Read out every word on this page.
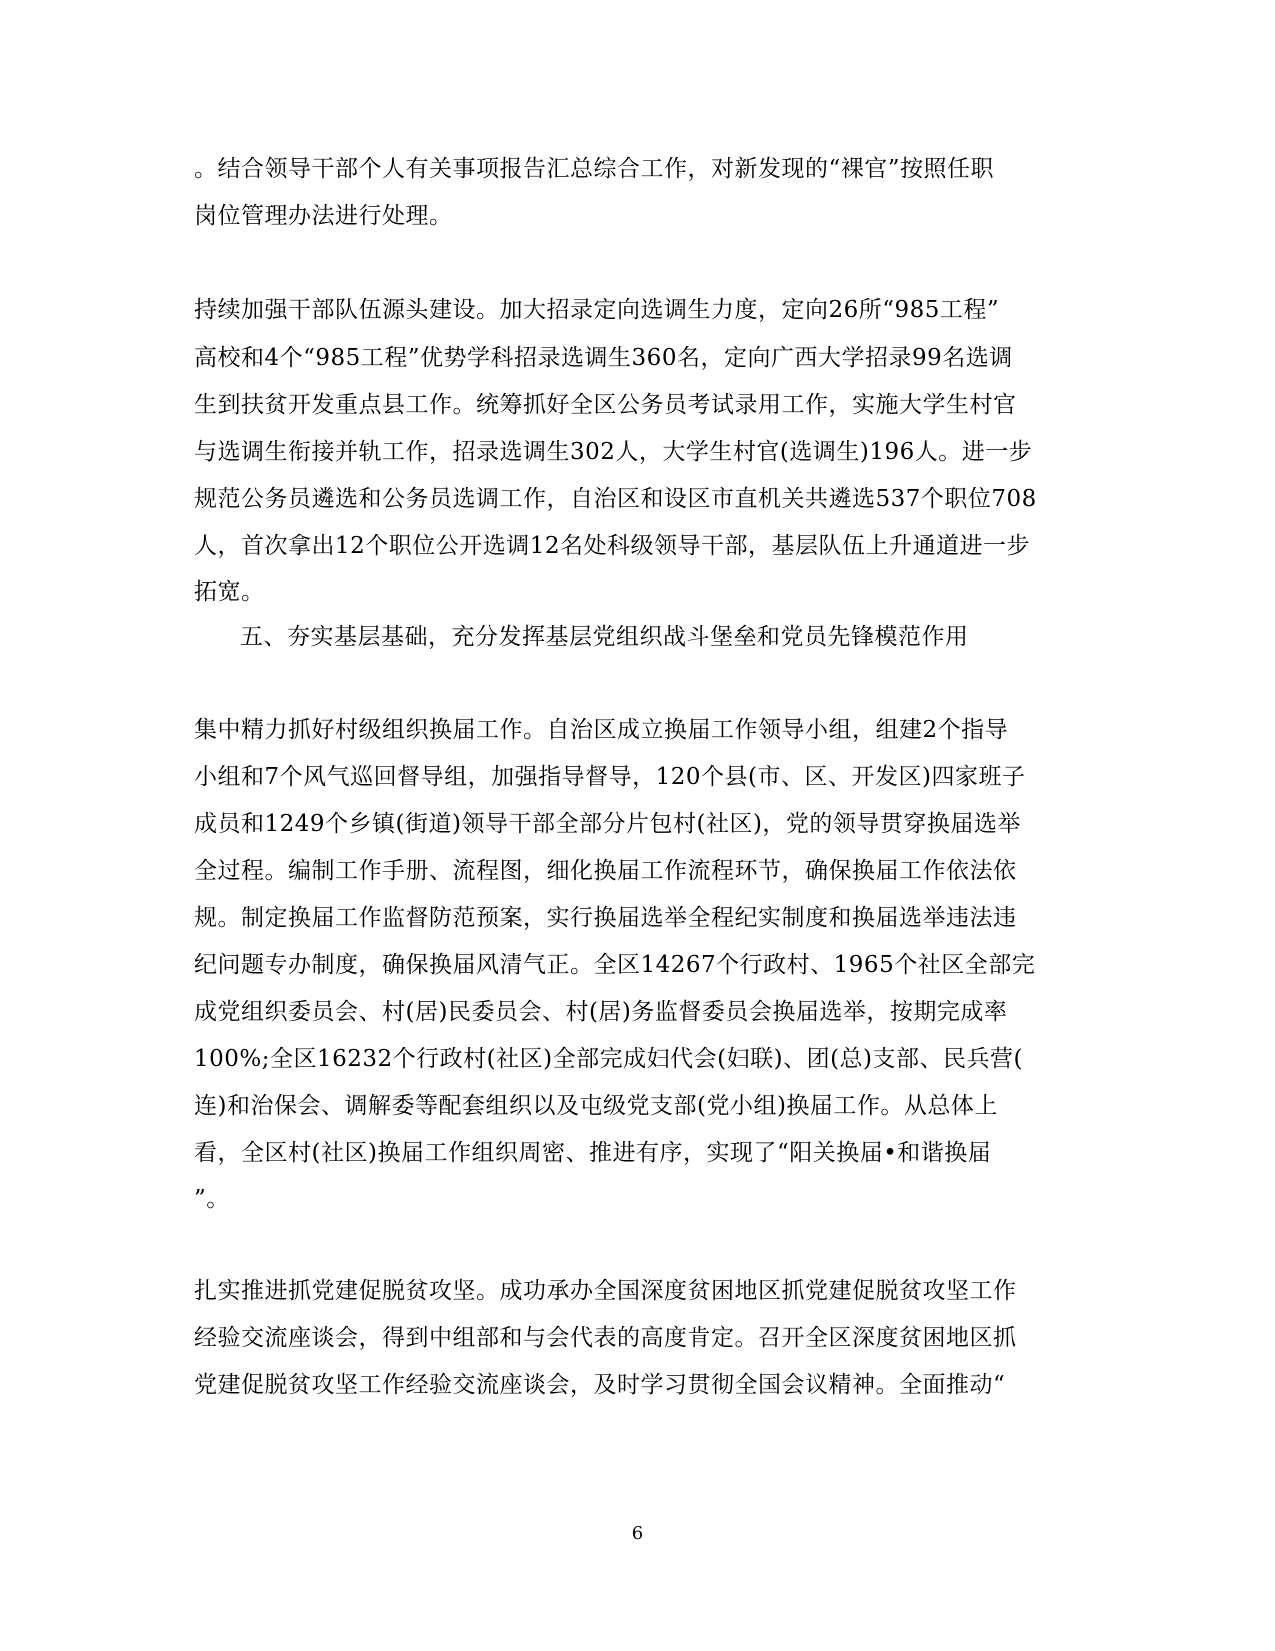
。结合领导干部个人有关事项报告汇总综合工作，对新发现的“裸官”按照任职
岗位管理办法进行处理。
持续加强干部队伍源头建设。加大招录定向选调生力度，定向26所“985工程”
高校和4个“985工程”优势学科招录选调生360名，定向广西大学招录99名选调
生到扶贫开发重点县工作。统筹抓好全区公务员考试录用工作，实施大学生村官
与选调生衔接并轨工作，招录选调生302人，大学生村官(选调生)196人。进一步
规范公务员遴选和公务员选调工作，自治区和设区市直机关共遴选537个职位708
人，首次拿出12个职位公开选调12名处科级领导干部，基层队伍上升通道进一步
拓宽。
五、夯实基层基础，充分发挥基层党组织战斗堡垒和党员先锋模范作用
集中精力抓好村级组织换届工作。自治区成立换届工作领导小组，组建2个指导
小组和7个风气巡回督导组，加强指导督导，120个县(市、区、开发区)四家班子
成员和1249个乡镇(街道)领导干部全部分片包村(社区)，党的领导贯穿换届选举
全过程。编制工作手册、流程图，细化换届工作流程环节，确保换届工作依法依
规。制定换届工作监督防范预案，实行换届选举全程纪实制度和换届选举违法违
纪问题专办制度，确保换届风清气正。全区14267个行政村、1965个社区全部完
成党组织委员会、村(居)民委员会、村(居)务监督委员会换届选举，按期完成率
100%;全区16232个行政村(社区)全部完成妇代会(妇联)、团(总)支部、民兵营(
连)和治保会、调解委等配套组织以及屯级党支部(党小组)换届工作。从总体上
看，全区村(社区)换届工作组织周密、推进有序，实现了“阳关换届•和谐换届
”。
扎实推进抓党建促脱贫攻坚。成功承办全国深度贫困地区抓党建促脱贫攻坚工作
经验交流座谈会，得到中组部和与会代表的高度肯定。召开全区深度贫困地区抓
党建促脱贫攻坚工作经验交流座谈会，及时学习贯彻全国会议精神。全面推动“
6
